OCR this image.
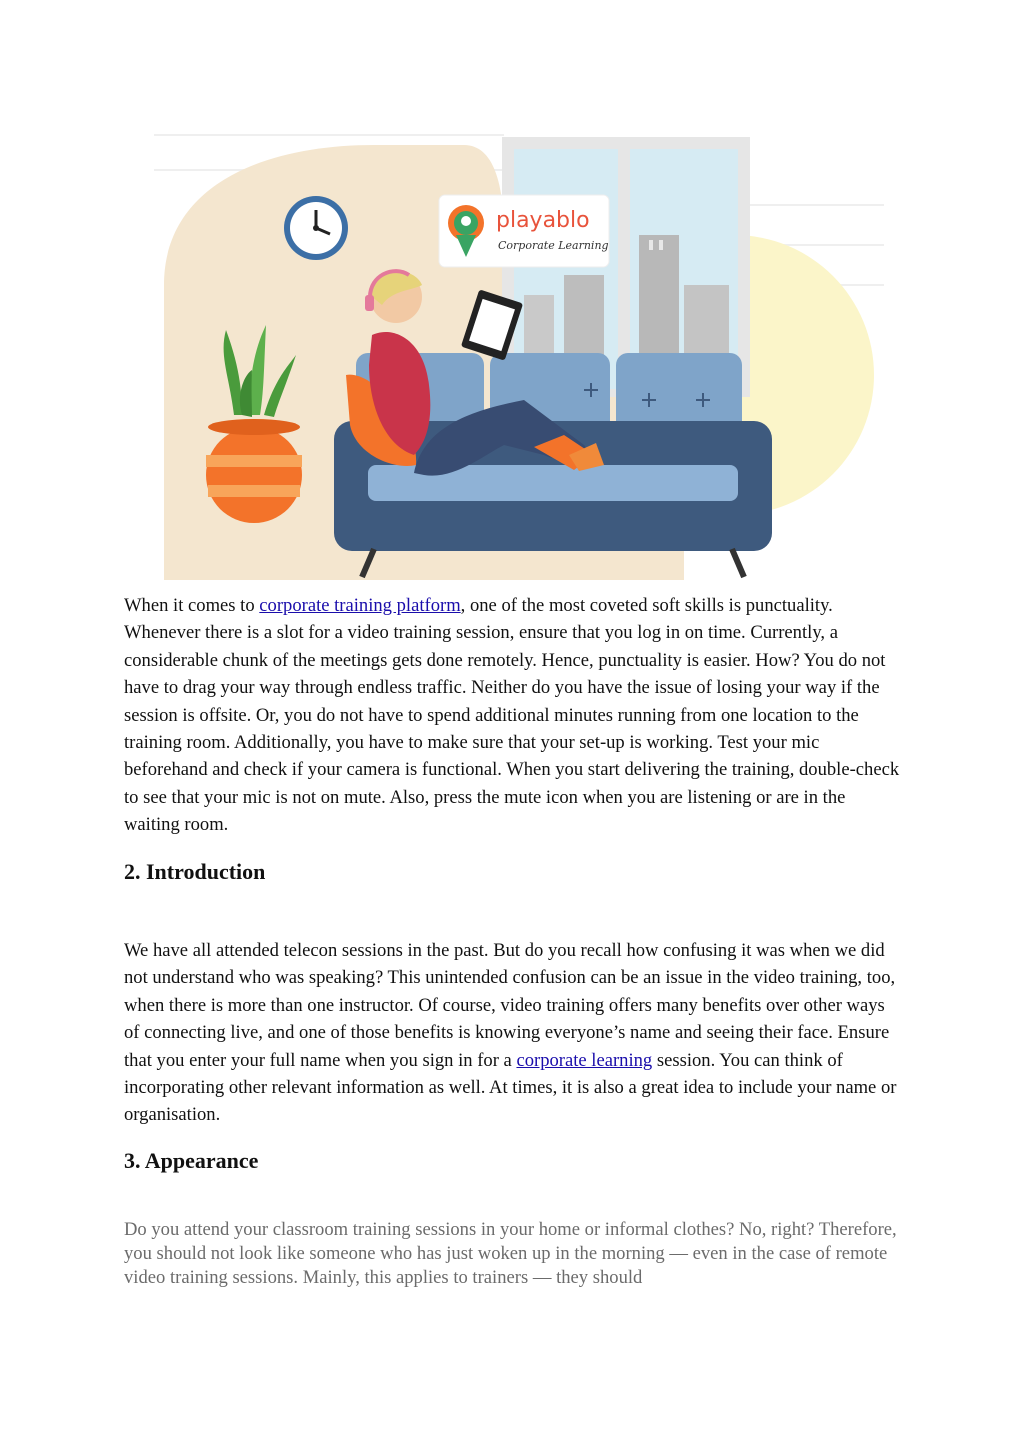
playablo
Corporate Learning

When it comes to corporate training platform, one of the most coveted soft skills is punctuality. Whenever there is a slot for a video training session, ensure that you log in on time. Currently, a considerable chunk of the meetings gets done remotely. Hence, punctuality is easier. How? You do not have to drag your way through endless traffic. Neither do you have the issue of losing your way if the session is offsite. Or, you do not have to spend additional minutes running from one location to the training room. Additionally, you have to make sure that your set-up is working. Test your mic beforehand and check if your camera is functional. When you start delivering the training, double-check to see that your mic is not on mute. Also, press the mute icon when you are listening or are in the waiting room.

2. Introduction

We have all attended telecon sessions in the past. But do you recall how confusing it was when we did not understand who was speaking? This unintended confusion can be an issue in the video training, too, when there is more than one instructor. Of course, video training offers many benefits over other ways of connecting live, and one of those benefits is knowing everyone’s name and seeing their face. Ensure that you enter your full name when you sign in for a corporate learning session. You can think of incorporating other relevant information as well. At times, it is also a great idea to include your name or organisation.

3. Appearance

Do you attend your classroom training sessions in your home or informal clothes? No, right? Therefore, you should not look like someone who has just woken up in the morning — even in the case of remote video training sessions. Mainly, this applies to trainers — they should
